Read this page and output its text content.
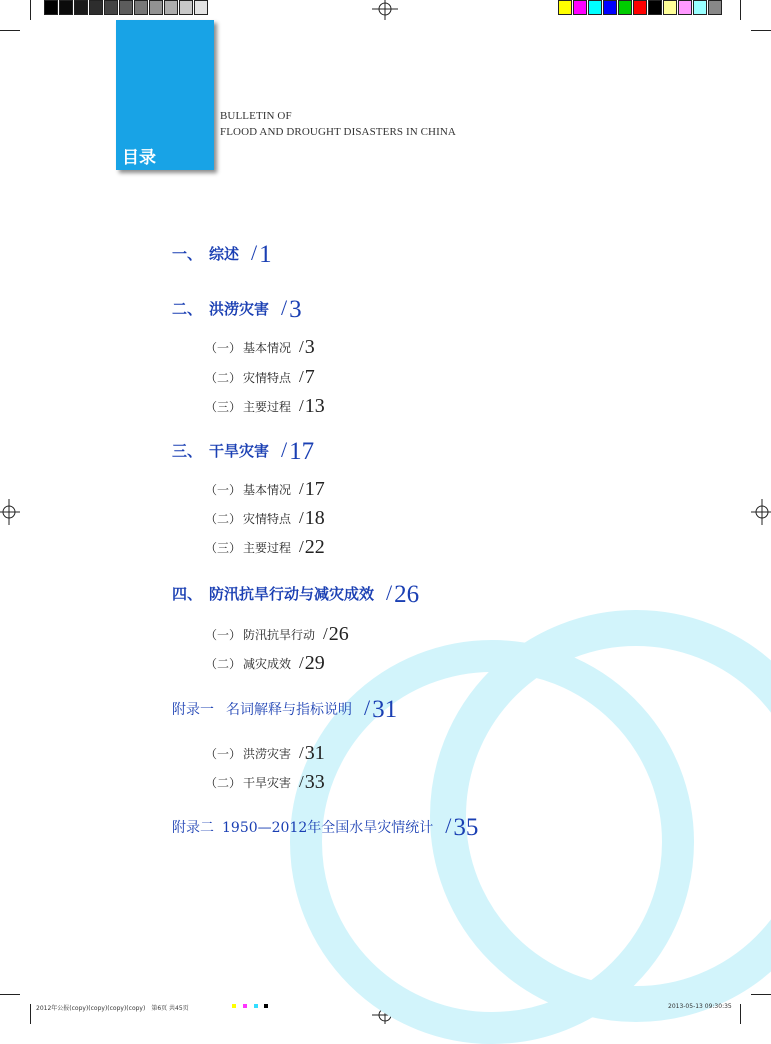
目录
BULLETIN OF
FLOOD AND DROUGHT DISASTERS IN CHINA
一、 综述 /1
二、 洪涝灾害 /3
（一） 基本情况 /3
（二） 灾情特点 /7
（三） 主要过程 /13
三、 干旱灾害 /17
（一） 基本情况 /17
（二） 灾情特点 /18
（三） 主要过程 /22
四、 防汛抗旱行动与减灾成效 /26
（一） 防汛抗旱行动 /26
（二） 减灾成效 /29
附录一 名词解释与指标说明 /31
（一） 洪涝灾害 /31
（二） 干旱灾害 /33
附录二 1950—2012年全国水旱灾情统计 /35
2012年公报(copy)(copy)(copy)(copy)　第6页 共45页	2013-05-13 09:30:35
